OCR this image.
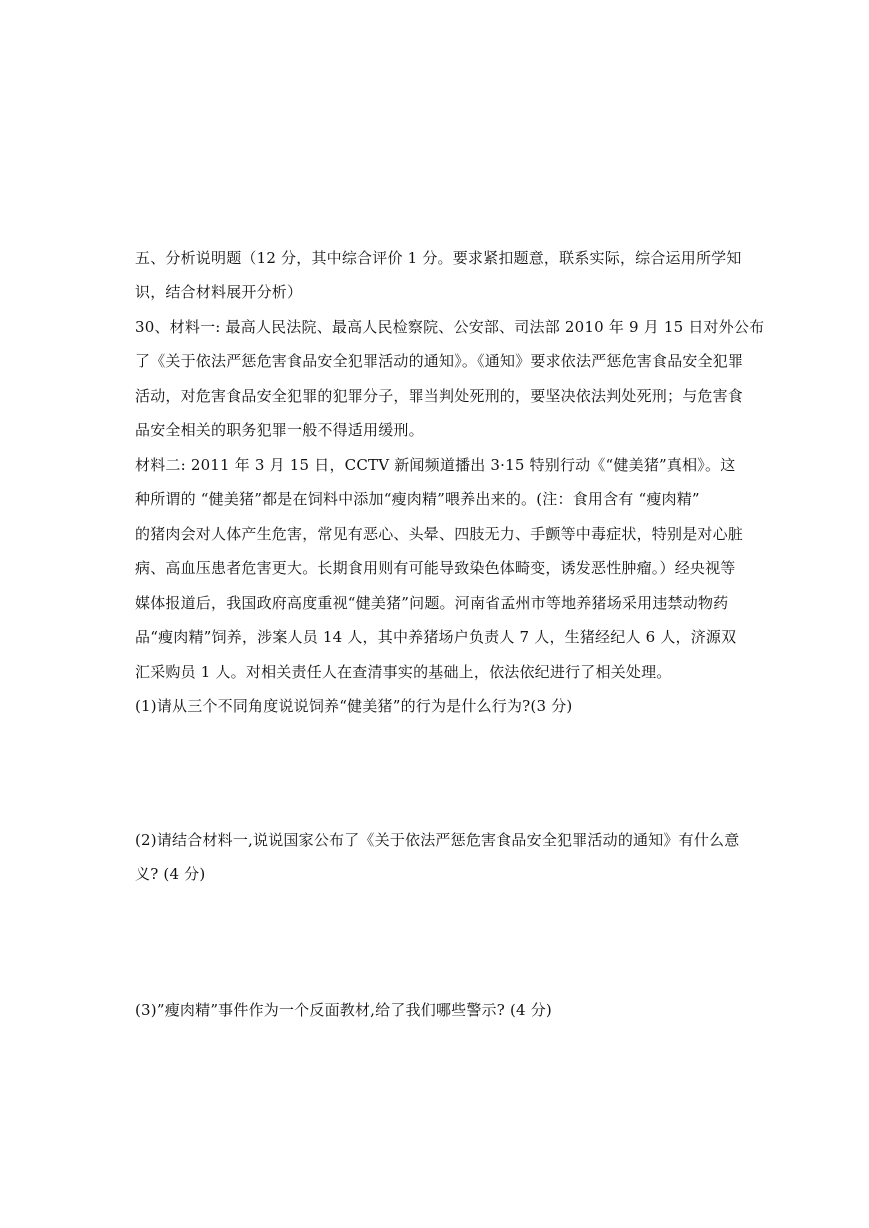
五、分析说明题（12 分，其中综合评价 1 分。要求紧扣题意，联系实际，综合运用所学知
识，结合材料展开分析）
30、材料一: 最高人民法院、最高人民检察院、公安部、司法部 2010 年 9 月 15 日对外公布
了《关于依法严惩危害食品安全犯罪活动的通知》。《通知》要求依法严惩危害食品安全犯罪
活动，对危害食品安全犯罪的犯罪分子，罪当判处死刑的，要坚决依法判处死刑；与危害食
品安全相关的职务犯罪一般不得适用缓刑。
材料二: 2011 年 3 月 15 日，CCTV 新闻频道播出 3·15 特别行动《“健美猪”真相》。这
种所谓的 “健美猪”都是在饲料中添加“瘦肉精”喂养出来的。(注：食用含有 “瘦肉精”
的猪肉会对人体产生危害，常见有恶心、头晕、四肢无力、手颤等中毒症状，特别是对心脏
病、高血压患者危害更大。长期食用则有可能导致染色体畸变，诱发恶性肿瘤。）经央视等
媒体报道后，我国政府高度重视“健美猪”问题。河南省孟州市等地养猪场采用违禁动物药
品“瘦肉精”饲养，涉案人员 14 人，其中养猪场户负责人 7 人，生猪经纪人 6 人，济源双
汇采购员 1 人。对相关责任人在查清事实的基础上，依法依纪进行了相关处理。
(1)请从三个不同角度说说饲养“健美猪”的行为是什么行为?(3 分)
(2)请结合材料一,说说国家公布了《关于依法严惩危害食品安全犯罪活动的通知》有什么意
义? (4 分)
(3)”瘦肉精”事件作为一个反面教材,给了我们哪些警示? (4 分)
